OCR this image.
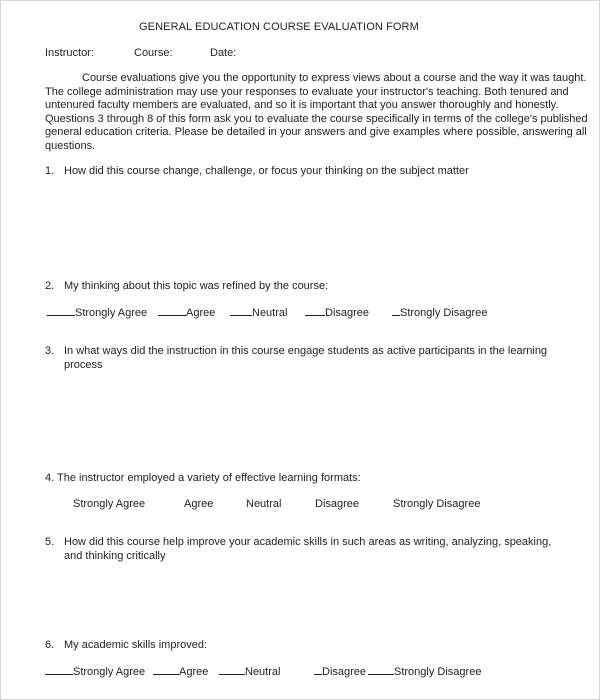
GENERAL EDUCATION COURSE EVALUATION FORM
Instructor:	Course:	Date:

Course evaluations give you the opportunity to express views about a course and the way it was taught. The college administration may use your responses to evaluate your instructor's teaching. Both tenured and untenured faculty members are evaluated, and so it is important that you answer thoroughly and honestly. Questions 3 through 8 of this form ask you to evaluate the course specifically in terms of the college's published general education criteria. Please be detailed in your answers and give examples where possible, answering all questions.

1. How did this course change, challenge, or focus your thinking on the subject matter
2. My thinking about this topic was refined by the course:
Strongly Agree	Agree	Neutral	Disagree	Strongly Disagree
3. In what ways did the instruction in this course engage students as active participants in the learning
process
4. The instructor employed a variety of effective learning formats:
Strongly Agree	Agree	Neutral	Disagree	Strongly Disagree
5. How did this course help improve your academic skills in such areas as writing, analyzing, speaking,
and thinking critically
6. My academic skills improved:
Strongly Agree	Agree	Neutral	Disagree	Strongly Disagree
